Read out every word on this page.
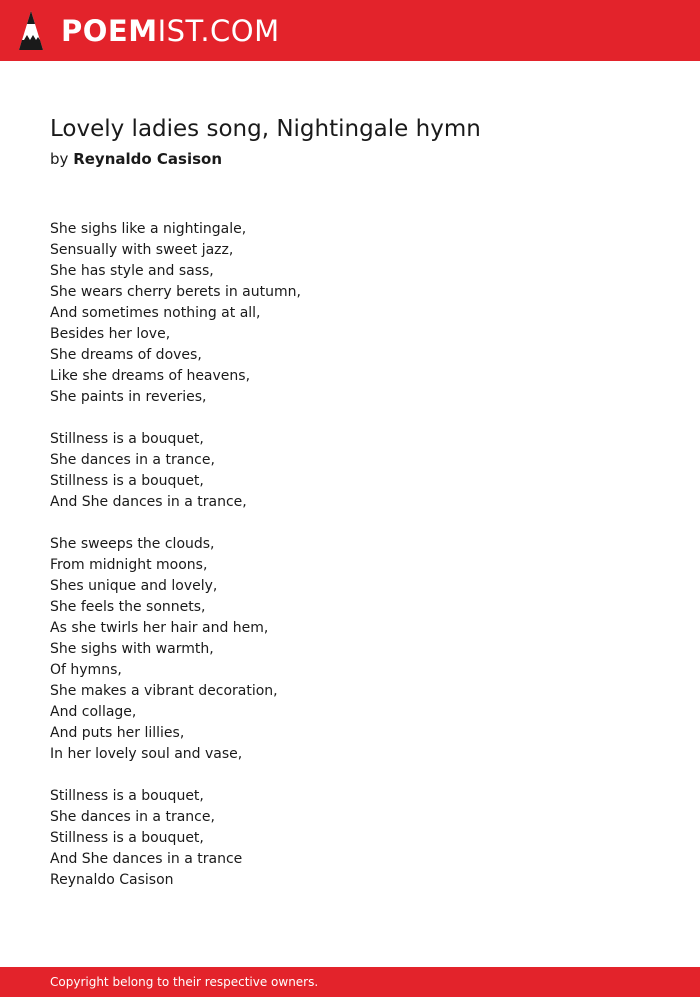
POEMIST.COM
Lovely ladies song, Nightingale hymn
by Reynaldo Casison
She sighs like a nightingale,
Sensually with sweet jazz,
She has style and sass,
She wears cherry berets in autumn,
And sometimes nothing at all,
Besides her love,
She dreams of doves,
Like she dreams of heavens,
She paints in reveries,
Stillness is a bouquet,
She dances in a trance,
Stillness is a bouquet,
And She dances in a trance,
She sweeps the clouds,
From midnight moons,
Shes unique and lovely,
She feels the sonnets,
As she twirls her hair and hem,
She sighs with warmth,
Of hymns,
She makes a vibrant decoration,
And collage,
And puts her lillies,
In her lovely soul and vase,
Stillness is a bouquet,
She dances in a trance,
Stillness is a bouquet,
And She dances in a trance
Reynaldo Casison
Copyright belong to their respective owners.
